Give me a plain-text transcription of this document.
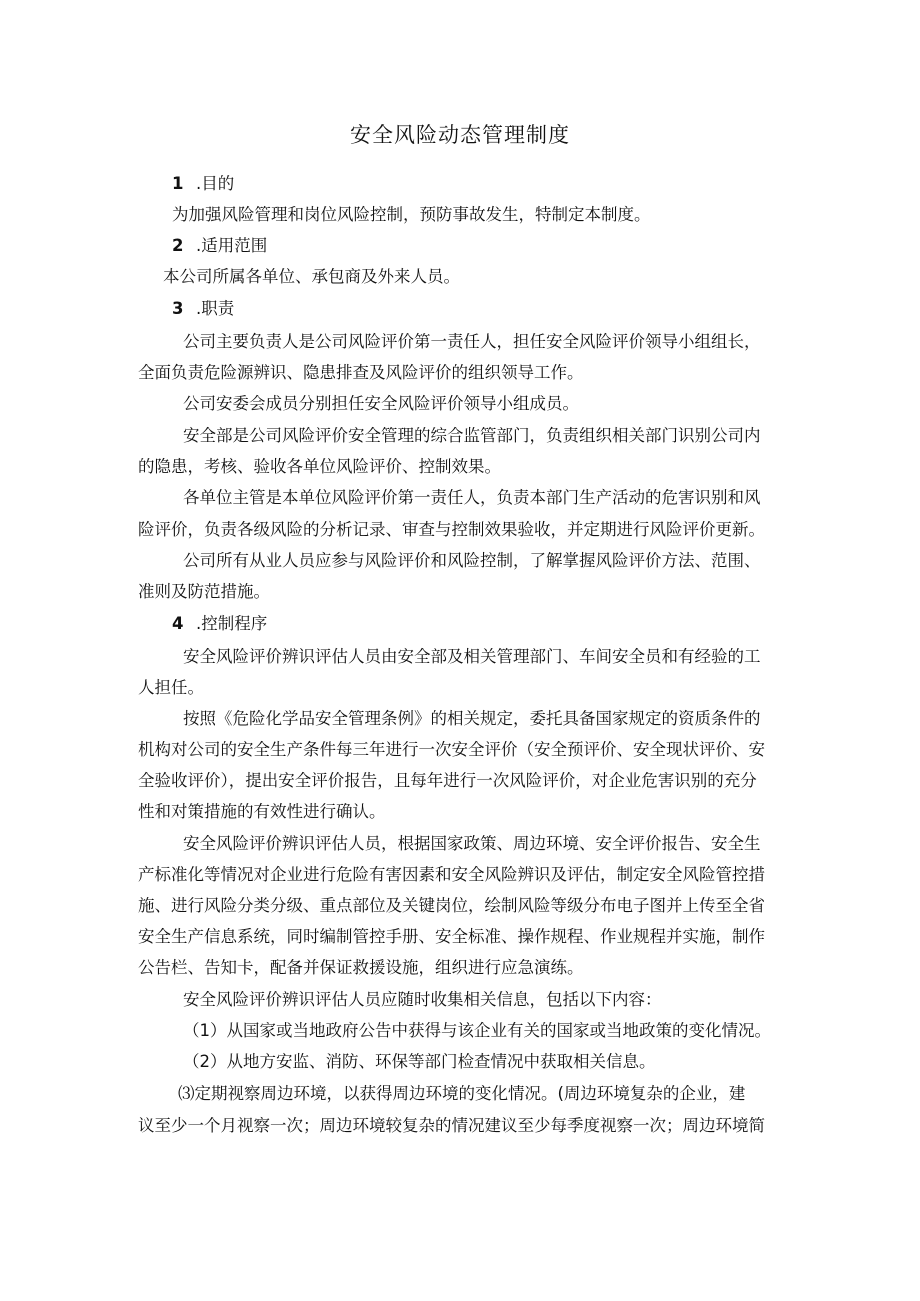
安全风险动态管理制度
1 .目的
为加强风险管理和岗位风险控制，预防事故发生，特制定本制度。
2 .适用范围
本公司所属各单位、承包商及外来人员。
3 .职责
公司主要负责人是公司风险评价第一责任人，担任安全风险评价领导小组组长，
全面负责危险源辨识、隐患排查及风险评价的组织领导工作。
公司安委会成员分别担任安全风险评价领导小组成员。
安全部是公司风险评价安全管理的综合监管部门，负责组织相关部门识别公司内
的隐患，考核、验收各单位风险评价、控制效果。
各单位主管是本单位风险评价第一责任人，负责本部门生产活动的危害识别和风
险评价，负责各级风险的分析记录、审查与控制效果验收，并定期进行风险评价更新。
公司所有从业人员应参与风险评价和风险控制，了解掌握风险评价方法、范围、
准则及防范措施。
4 .控制程序
安全风险评价辨识评估人员由安全部及相关管理部门、车间安全员和有经验的工
人担任。
按照《危险化学品安全管理条例》的相关规定，委托具备国家规定的资质条件的
机构对公司的安全生产条件每三年进行一次安全评价（安全预评价、安全现状评价、安
全验收评价），提出安全评价报告，且每年进行一次风险评价，对企业危害识别的充分
性和对策措施的有效性进行确认。
安全风险评价辨识评估人员，根据国家政策、周边环境、安全评价报告、安全生
产标准化等情况对企业进行危险有害因素和安全风险辨识及评估，制定安全风险管控措
施、进行风险分类分级、重点部位及关键岗位，绘制风险等级分布电子图并上传至全省
安全生产信息系统，同时编制管控手册、安全标准、操作规程、作业规程并实施，制作
公告栏、告知卡，配备并保证救援设施，组织进行应急演练。
安全风险评价辨识评估人员应随时收集相关信息，包括以下内容：
（1）从国家或当地政府公告中获得与该企业有关的国家或当地政策的变化情况。
（2）从地方安监、消防、环保等部门检查情况中获取相关信息。
⑶定期视察周边环境，以获得周边环境的变化情况。(周边环境复杂的企业，建
议至少一个月视察一次；周边环境较复杂的情况建议至少每季度视察一次；周边环境简
